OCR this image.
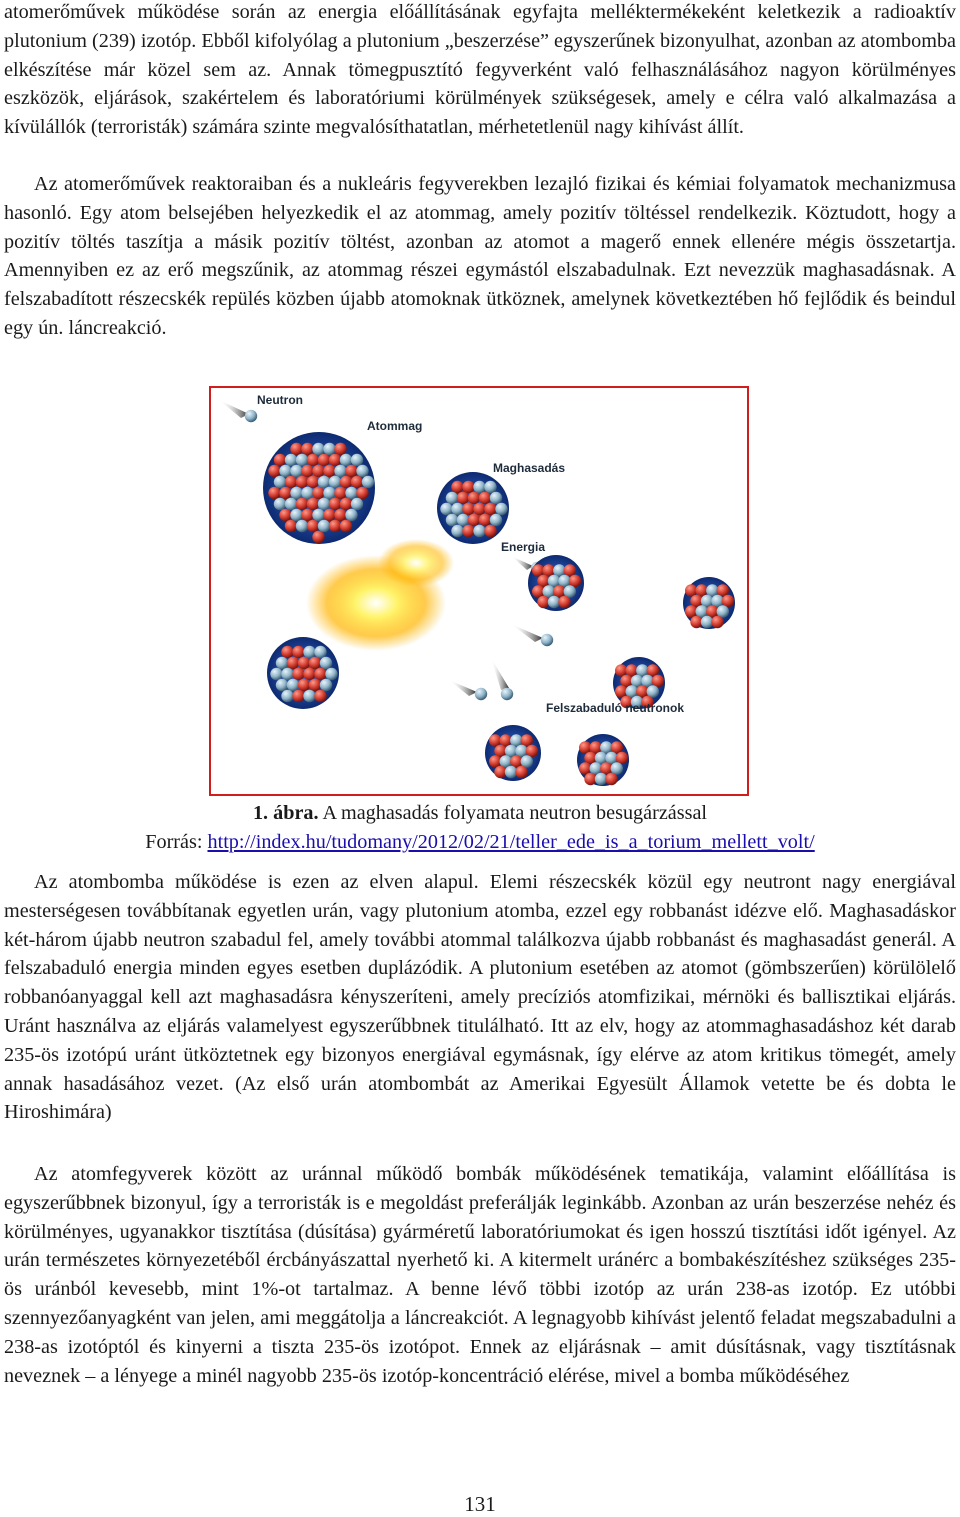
atomerőművek működése során az energia előállításának egyfajta melléktermékeként keletkezik a radioaktív plutonium (239) izotóp. Ebből kifolyólag a plutonium „beszerzése” egyszerűnek bizonyulhat, azonban az atombomba elkészítése már közel sem az. Annak tömegpusztító fegyverként való felhasználásához nagyon körülményes eszközök, eljárások, szakértelem és laboratóriumi körülmények szükségesek, amely e célra való alkalmazása a kívülállók (terroristák) számára szinte megvalósíthatatlan, mérhetetlenül nagy kihívást állít.

Az atomerőművek reaktoraiban és a nukleáris fegyverekben lezajló fizikai és kémiai folyamatok mechanizmusa hasonló. Egy atom belsejében helyezkedik el az atommag, amely pozitív töltéssel rendelkezik. Köztudott, hogy a pozitív töltés taszítja a másik pozitív töltést, azonban az atomot a magerő ennek ellenére mégis összetartja. Amennyiben ez az erő megszűnik, az atommag részei egymástól elszabadulnak. Ezt nevezzük maghasadásnak. A felszabadított részecskék repülés közben újabb atomoknak ütköznek, amelynek következtében hő fejlődik és beindul egy ún. láncreakció.

Neutron
Atommag
Maghasadás
Energia
Felszabaduló neutronok

1. ábra. A maghasadás folyamata neutron besugárzással

Forrás: http://index.hu/tudomany/2012/02/21/teller_ede_is_a_torium_mellett_volt/

Az atombomba működése is ezen az elven alapul. Elemi részecskék közül egy neutront nagy energiával mesterségesen továbbítanak egyetlen urán, vagy plutonium atomba, ezzel egy robbanást idézve elő. Maghasadáskor két-három újabb neutron szabadul fel, amely további atommal találkozva újabb robbanást és maghasadást generál. A felszabaduló energia minden egyes esetben duplázódik. A plutonium esetében az atomot (gömbszerűen) körülölelő robbanóanyaggal kell azt maghasadásra kényszeríteni, amely precíziós atomfizikai, mérnöki és ballisztikai eljárás. Uránt használva az eljárás valamelyest egyszerűbbnek titulálható. Itt az elv, hogy az atommaghasadáshoz két darab 235-ös izotópú uránt ütköztetnek egy bizonyos energiával egymásnak, így elérve az atom kritikus tömegét, amely annak hasadásához vezet. (Az első urán atombombát az Amerikai Egyesült Államok vetette be és dobta le Hiroshimára)

Az atomfegyverek között az uránnal működő bombák működésének tematikája, valamint előállítása is egyszerűbbnek bizonyul, így a terroristák is e megoldást preferálják leginkább. Azonban az urán beszerzése nehéz és körülményes, ugyanakkor tisztítása (dúsítása) gyárméretű laboratóriumokat és igen hosszú tisztítási időt igényel. Az urán természetes környezetéből ércbányászattal nyerhető ki. A kitermelt uránérc a bombakészítéshez szükséges 235-ös uránból kevesebb, mint 1%-ot tartalmaz. A benne lévő többi izotóp az urán 238-as izotóp. Ez utóbbi szennyezőanyagként van jelen, ami meggátolja a láncreakciót. A legnagyobb kihívást jelentő feladat megszabadulni a 238-as izotóptól és kinyerni a tiszta 235-ös izotópot. Ennek az eljárásnak – amit dúsításnak, vagy tisztításnak neveznek – a lényege a minél nagyobb 235-ös izotóp-koncentráció elérése, mivel a bomba működéséhez

131
